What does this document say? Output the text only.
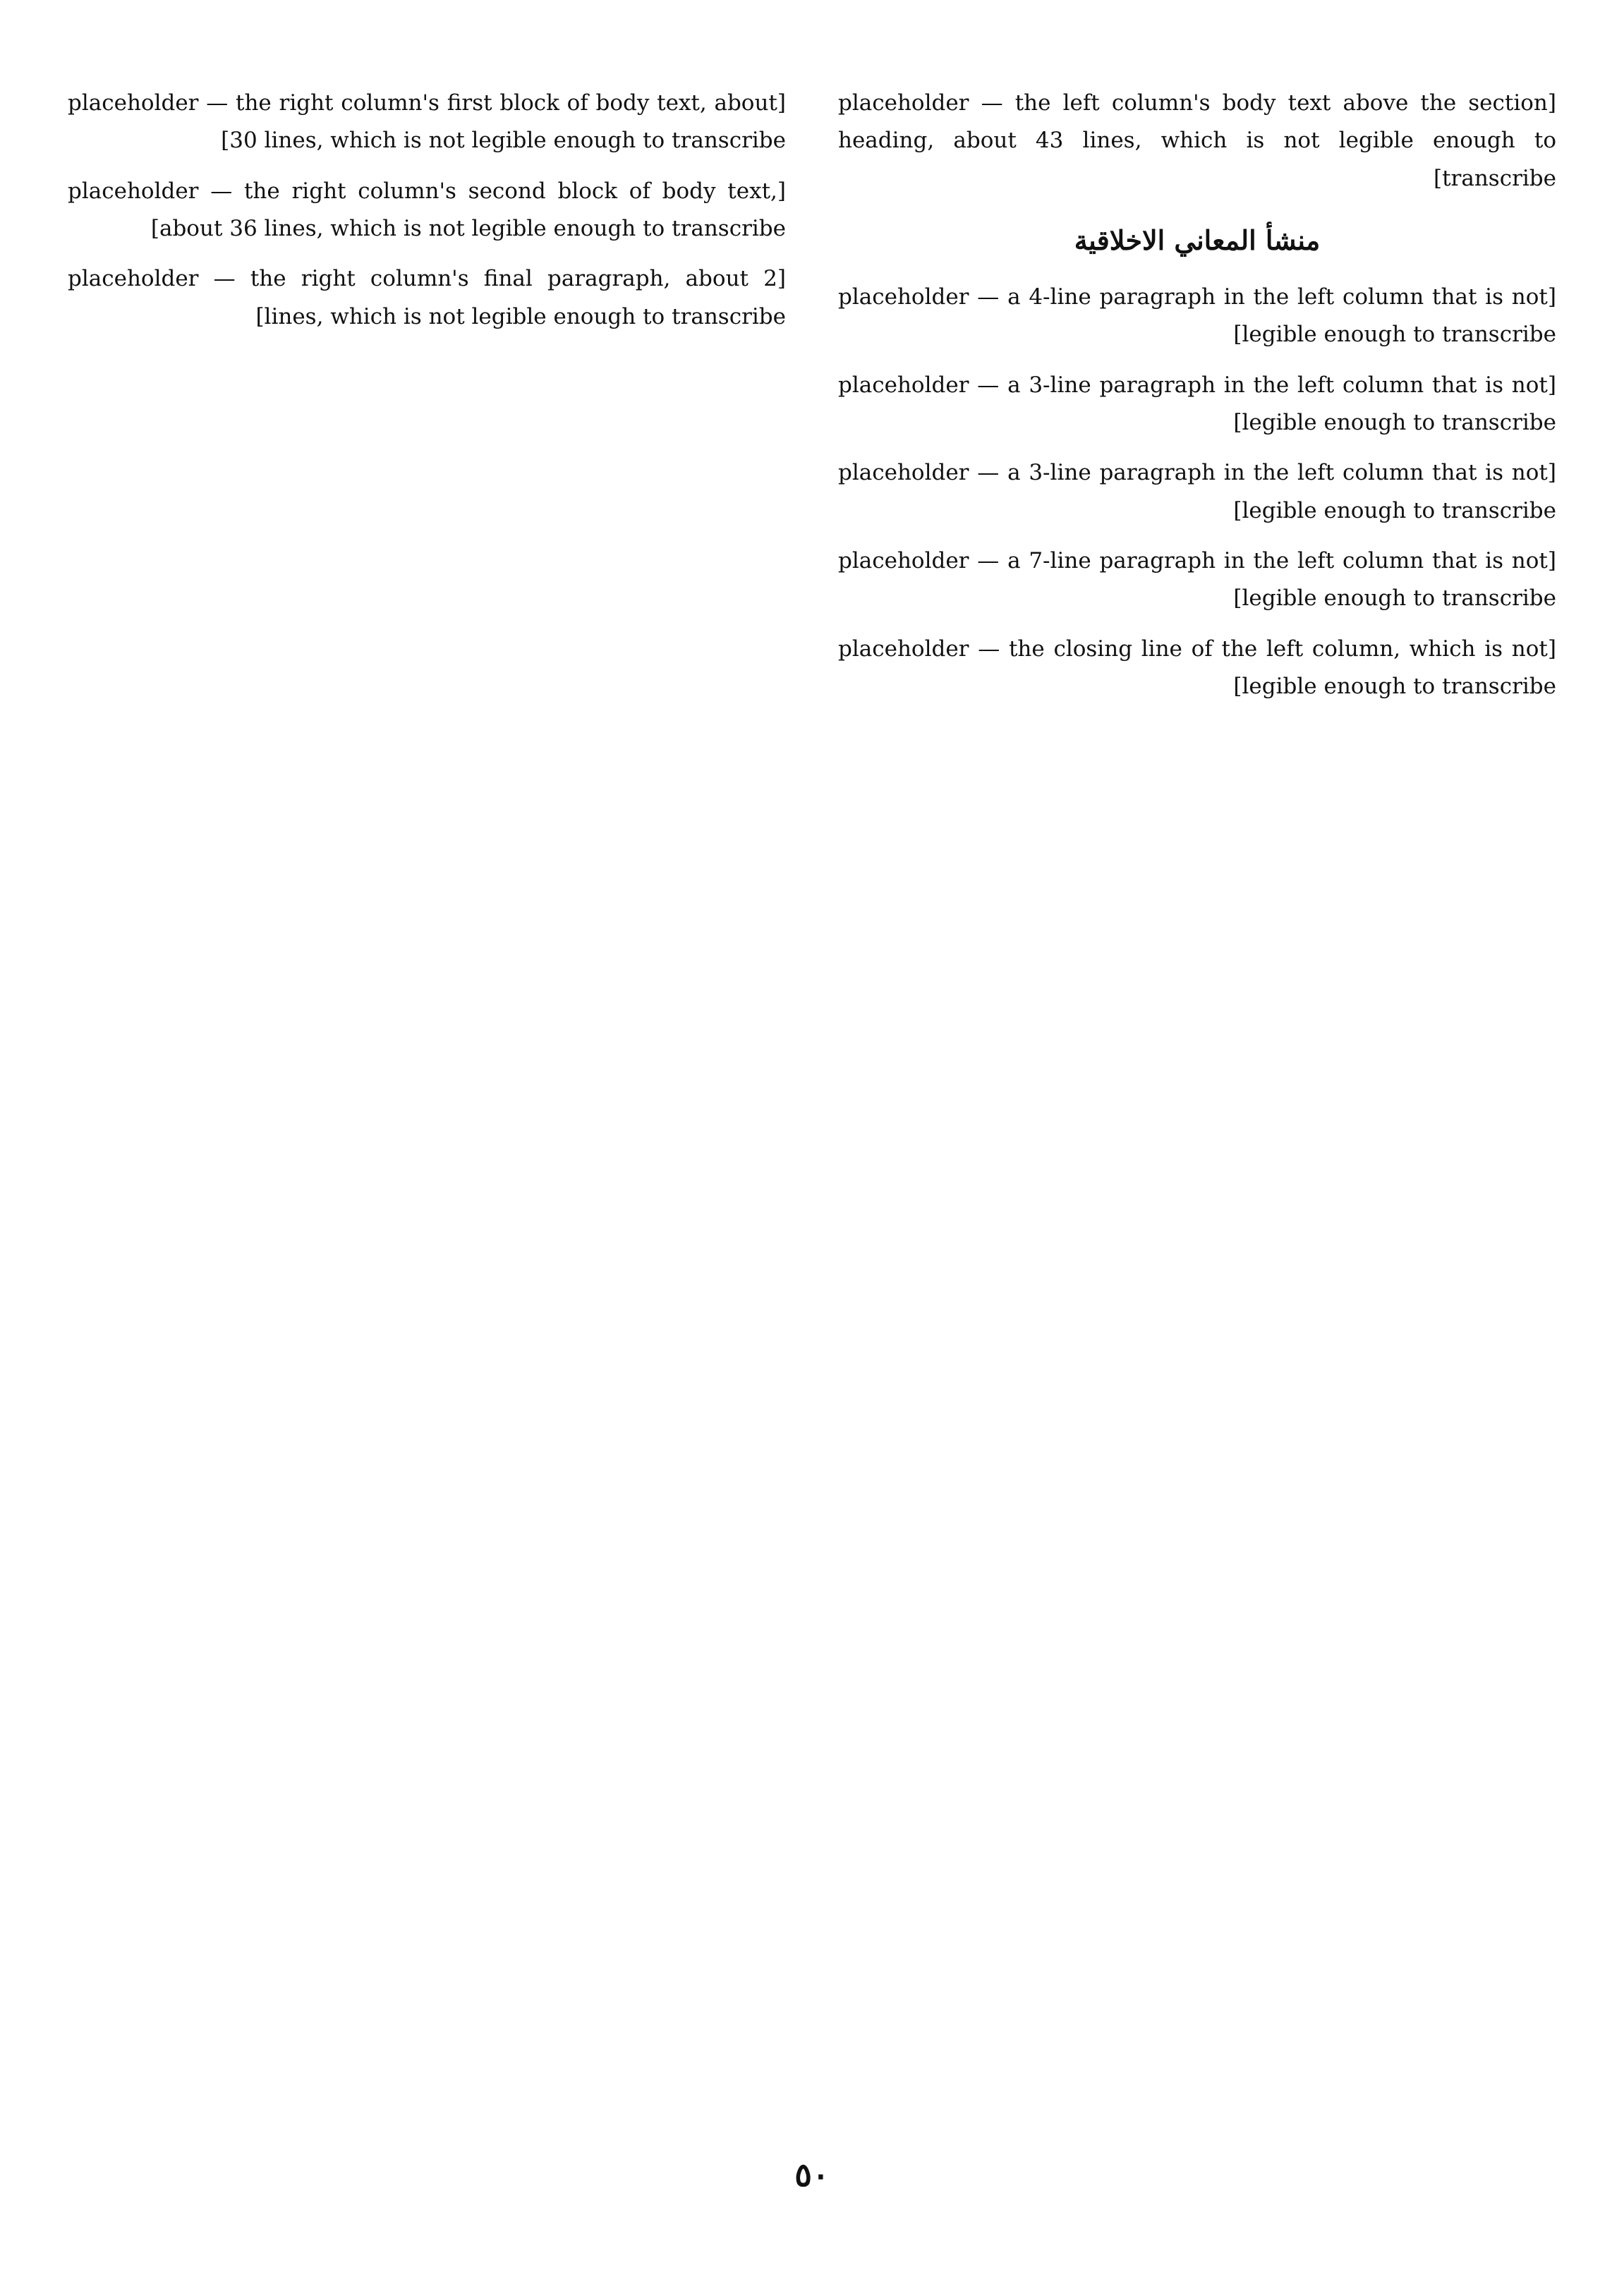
[placeholder — the right column's first block of body text, about 30 lines, which is not legible enough to transcribe]

[placeholder — the right column's second block of body text, about 36 lines, which is not legible enough to transcribe]

[placeholder — the right column's final paragraph, about 2 lines, which is not legible enough to transcribe]

[placeholder — the left column's body text above the section heading, about 43 lines, which is not legible enough to transcribe]

منشأ المعاني الاخلاقية

[placeholder — a 4-line paragraph in the left column that is not legible enough to transcribe]

[placeholder — a 3-line paragraph in the left column that is not legible enough to transcribe]

[placeholder — a 3-line paragraph in the left column that is not legible enough to transcribe]

[placeholder — a 7-line paragraph in the left column that is not legible enough to transcribe]

[placeholder — the closing line of the left column, which is not legible enough to transcribe]

٥٠
